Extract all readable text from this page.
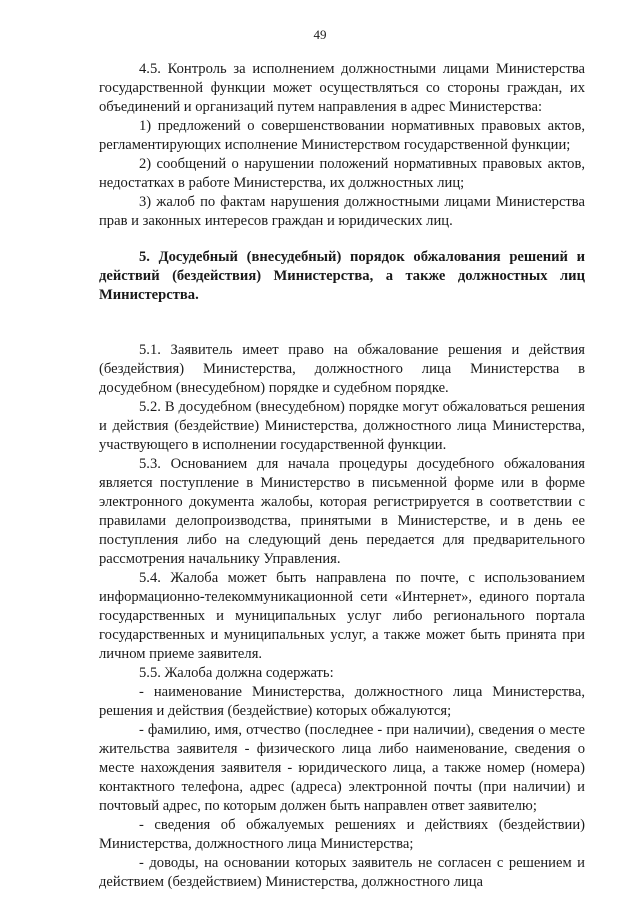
49

4.5. Контроль за исполнением должностными лицами Министерства государственной функции может осуществляться со стороны граждан, их объединений и организаций путем направления в адрес Министерства:

1) предложений о совершенствовании нормативных правовых актов, регламентирующих исполнение Министерством государственной функции;

2) сообщений о нарушении положений нормативных правовых актов, недостатках в работе Министерства, их должностных лиц;

3) жалоб по фактам нарушения должностными лицами Министерства прав и законных интересов граждан и юридических лиц.

5. Досудебный (внесудебный) порядок обжалования решений и действий (бездействия) Министерства, а также должностных лиц Министерства.

5.1. Заявитель имеет право на обжалование решения и действия (бездействия) Министерства, должностного лица Министерства в досудебном (внесудебном) порядке и судебном порядке.

5.2. В досудебном (внесудебном) порядке могут обжаловаться решения и действия (бездействие) Министерства, должностного лица Министерства, участвующего в исполнении государственной функции.

5.3. Основанием для начала процедуры досудебного обжалования является поступление в Министерство в письменной форме или в форме электронного документа жалобы, которая регистрируется в соответствии с правилами делопроизводства, принятыми в Министерстве, и в день ее поступления либо на следующий день передается для предварительного рассмотрения начальнику Управления.

5.4. Жалоба может быть направлена по почте, с использованием информационно-телекоммуникационной сети «Интернет», единого портала государственных и муниципальных услуг либо регионального портала государственных и муниципальных услуг, а также может быть принята при личном приеме заявителя.

5.5. Жалоба должна содержать:

- наименование Министерства, должностного лица Министерства, решения и действия (бездействие) которых обжалуются;

- фамилию, имя, отчество (последнее - при наличии), сведения о месте жительства заявителя - физического лица либо наименование, сведения о месте нахождения заявителя - юридического лица, а также номер (номера) контактного телефона, адрес (адреса) электронной почты (при наличии) и почтовый адрес, по которым должен быть направлен ответ заявителю;

- сведения об обжалуемых решениях и действиях (бездействии) Министерства, должностного лица Министерства;

- доводы, на основании которых заявитель не согласен с решением и действием (бездействием) Министерства, должностного лица
